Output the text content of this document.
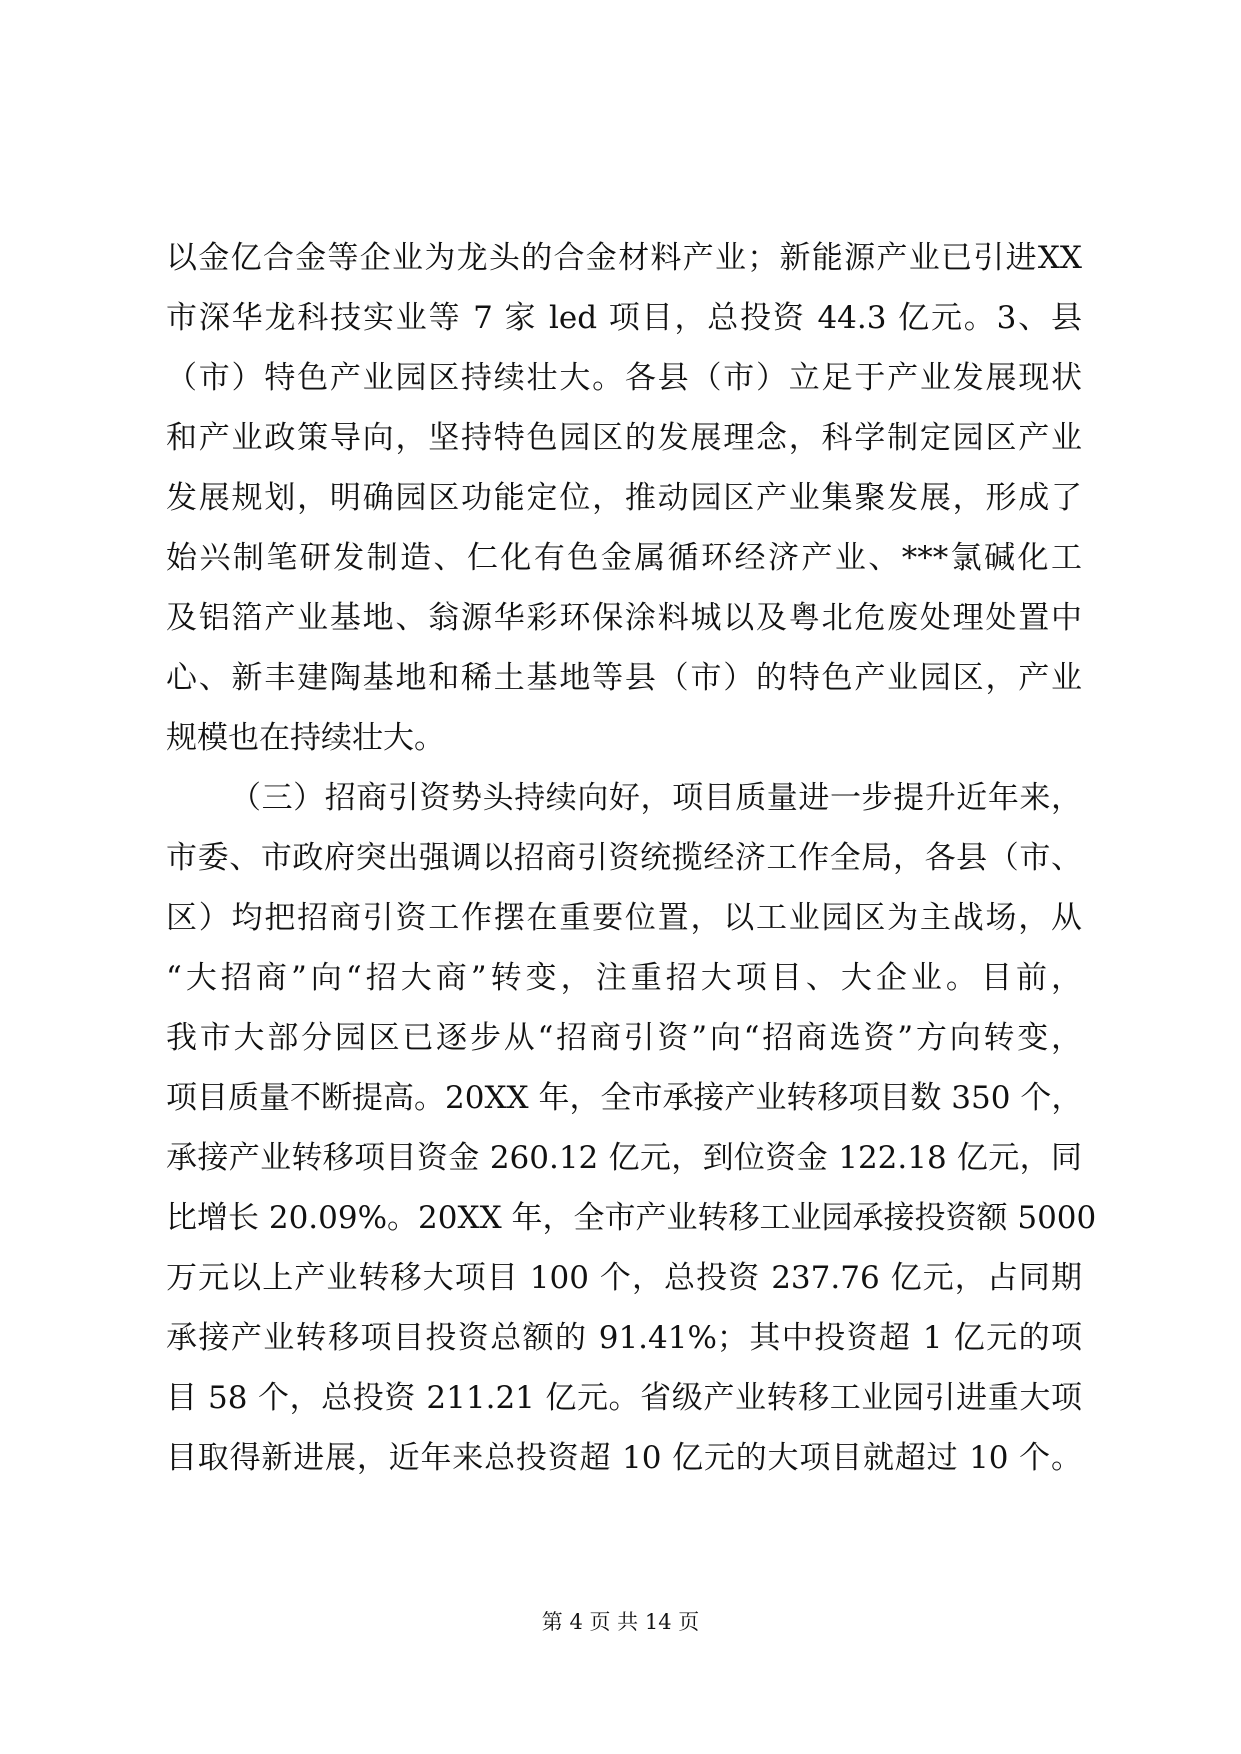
以金亿合金等企业为龙头的合金材料产业；新能源产业已引进XX
市深华龙科技实业等 7 家 led 项目，总投资 44.3 亿元。3、县
（市）特色产业园区持续壮大。各县（市）立足于产业发展现状
和产业政策导向，坚持特色园区的发展理念，科学制定园区产业
发展规划，明确园区功能定位，推动园区产业集聚发展，形成了
始兴制笔研发制造、仁化有色金属循环经济产业、***氯碱化工
及铝箔产业基地、翁源华彩环保涂料城以及粤北危废处理处置中
心、新丰建陶基地和稀土基地等县（市）的特色产业园区，产业
规模也在持续壮大。
（三）招商引资势头持续向好，项目质量进一步提升近年来，
市委、市政府突出强调以招商引资统揽经济工作全局，各县（市、
区）均把招商引资工作摆在重要位置，以工业园区为主战场，从
“大招商”向“招大商”转变，注重招大项目、大企业。目前，
我市大部分园区已逐步从“招商引资”向“招商选资”方向转变，
项目质量不断提高。20XX 年，全市承接产业转移项目数 350 个，
承接产业转移项目资金 260.12 亿元，到位资金 122.18 亿元，同
比增长 20.09%。20XX 年，全市产业转移工业园承接投资额 5000
万元以上产业转移大项目 100 个，总投资 237.76 亿元，占同期
承接产业转移项目投资总额的 91.41%；其中投资超 1 亿元的项
目 58 个，总投资 211.21 亿元。省级产业转移工业园引进重大项
目取得新进展，近年来总投资超 10 亿元的大项目就超过 10 个。
第 4 页 共 14 页
